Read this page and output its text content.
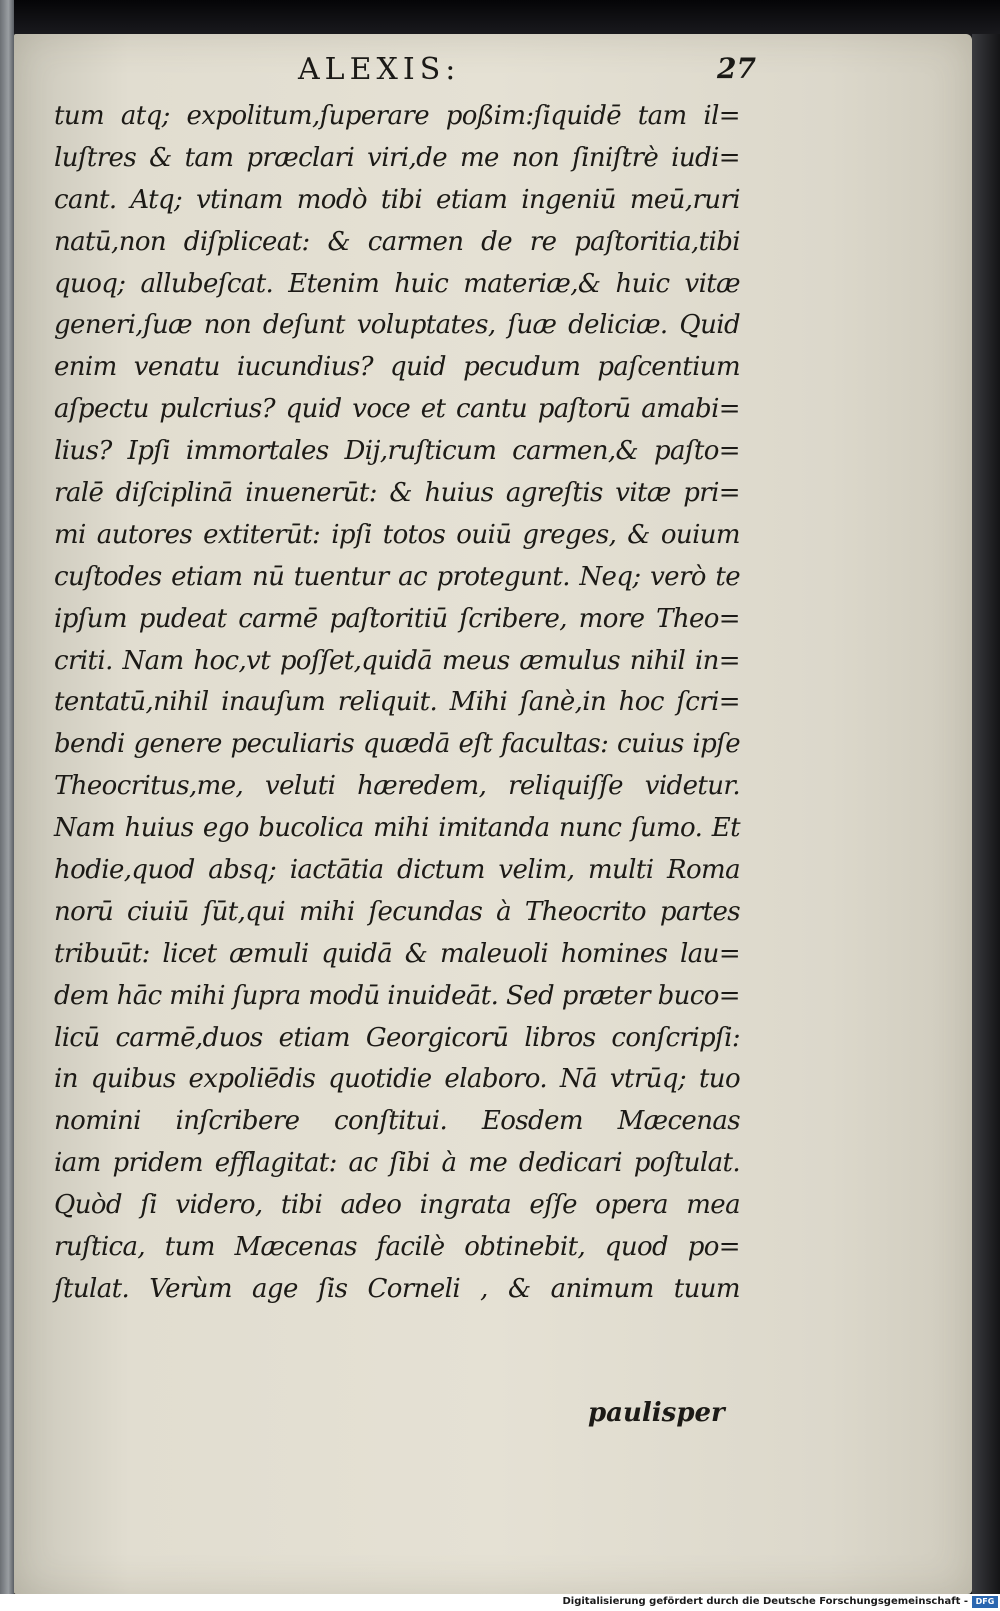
ALEXIS:	27
tum atq; expolitum,ſuperare poßim:ſiquidē tam il=
luſtres & tam præclari viri,de me non ſiniſtrè iudi=
cant. Atq; vtinam modò tibi etiam ingeniū meū,ruri
natū,non diſpliceat: & carmen de re paſtoritia,tibi
quoq; allubeſcat. Etenim huic materiæ,& huic vitæ
generi,ſuæ non deſunt voluptates, ſuæ deliciæ. Quid
enim venatu iucundius? quid pecudum paſcentium
aſpectu pulcrius? quid voce et cantu paſtorū amabi=
lius? Ipſi immortales Dij,ruſticum carmen,& paſto=
ralē diſciplinā inuenerūt: & huius agreſtis vitæ pri=
mi autores extiterūt: ipſi totos ouiū greges, & ouium
cuſtodes etiam nū tuentur ac protegunt. Neq; verò te
ipſum pudeat carmē paſtoritiū ſcribere, more Theo=
criti. Nam hoc,vt poſſet,quidā meus æmulus nihil in=
tentatū,nihil inauſum reliquit. Mihi ſanè,in hoc ſcri=
bendi genere peculiaris quædā eſt facultas: cuius ipſe
Theocritus,me, veluti hæredem, reliquiſſe videtur.
Nam huius ego bucolica mihi imitanda nunc ſumo. Et
hodie,quod absq; iactātia dictum velim, multi Roma
norū ciuiū ſūt,qui mihi ſecundas à Theocrito partes
tribuūt: licet æmuli quidā & maleuoli homines lau=
dem hāc mihi ſupra modū inuideāt. Sed præter buco=
licū carmē,duos etiam Georgicorū libros conſcripſi:
in quibus expoliēdis quotidie elaboro. Nā vtrūq; tuo
nomini inſcribere conſtitui. Eosdem Mæcenas
iam pridem efflagitat: ac ſibi à me dedicari poſtulat.
Quòd ſi videro, tibi adeo ingrata eſſe opera mea
ruſtica, tum Mæcenas facilè obtinebit, quod po=
ſtulat. Verùm age ſis Corneli , & animum tuum
paulisper
Digitalisierung gefördert durch die Deutsche Forschungsgemeinschaft - DFG
